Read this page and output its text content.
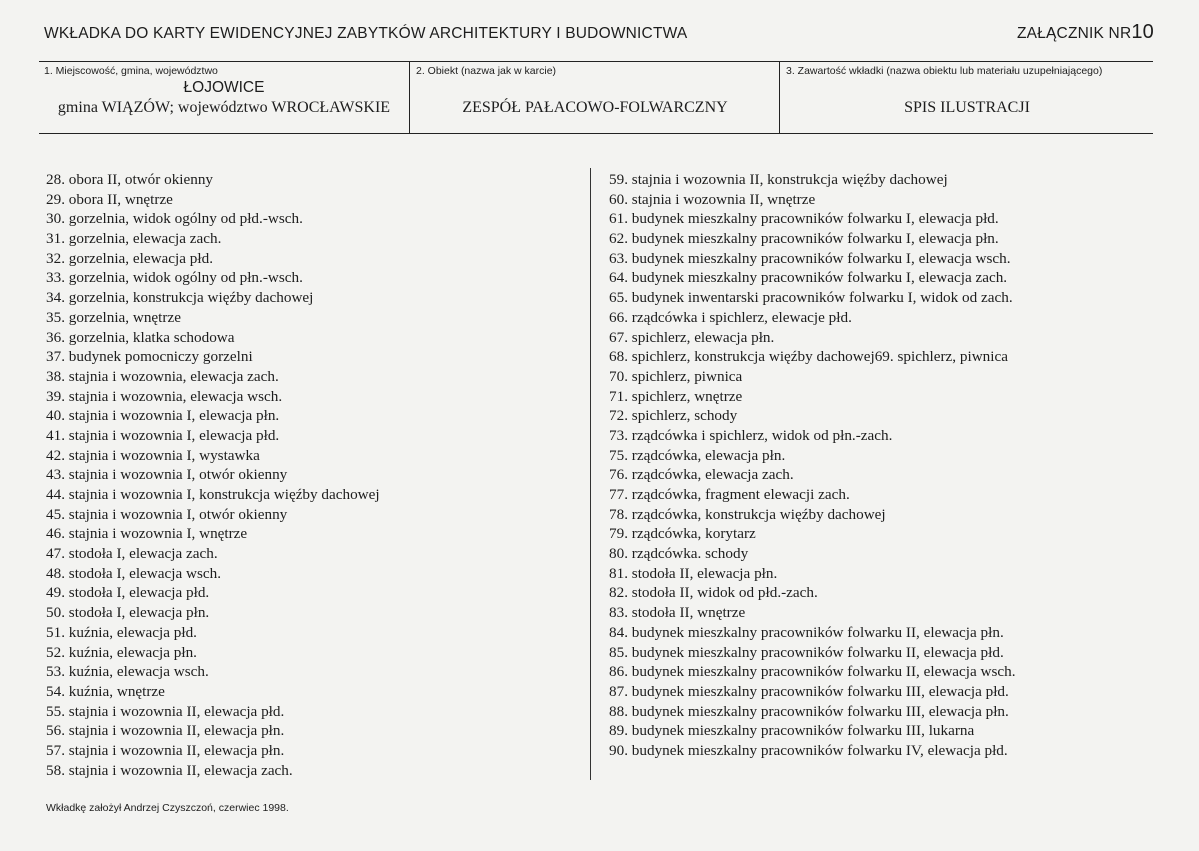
WKŁADKA DO KARTY EWIDENCYJNEJ ZABYTKÓW ARCHITEKTURY I BUDOWNICTWA	ZAŁĄCZNIK NR10
1. Miejscowość, gmina, województwo
ŁOJOWICE
gmina WIĄZÓW; województwo WROCŁAWSKIE
2. Obiekt (nazwa jak w karcie)
ZESPÓŁ PAŁACOWO-FOLWARCZNY
3. Zawartość wkładki (nazwa obiektu lub materiału uzupełniającego)
SPIS ILUSTRACJI
28. obora II, otwór okienny
29. obora II, wnętrze
30. gorzelnia, widok ogólny od płd.-wsch.
31. gorzelnia, elewacja zach.
32. gorzelnia, elewacja płd.
33. gorzelnia, widok ogólny od płn.-wsch.
34. gorzelnia, konstrukcja więźby dachowej
35. gorzelnia, wnętrze
36. gorzelnia, klatka schodowa
37. budynek pomocniczy gorzelni
38. stajnia i wozownia, elewacja zach.
39. stajnia i wozownia, elewacja wsch.
40. stajnia i wozownia I, elewacja płn.
41. stajnia i wozownia I, elewacja płd.
42. stajnia i wozownia I, wystawka
43. stajnia i wozownia I, otwór okienny
44. stajnia i wozownia I, konstrukcja więźby dachowej
45. stajnia i wozownia I, otwór okienny
46. stajnia i wozownia I, wnętrze
47. stodoła I, elewacja zach.
48. stodoła I, elewacja wsch.
49. stodoła I, elewacja płd.
50. stodoła I, elewacja płn.
51. kuźnia, elewacja płd.
52. kuźnia, elewacja płn.
53. kuźnia, elewacja wsch.
54. kuźnia, wnętrze
55. stajnia i wozownia II, elewacja płd.
56. stajnia i wozownia II, elewacja płn.
57. stajnia i wozownia II, elewacja płn.
58. stajnia i wozownia II, elewacja zach.
59. stajnia i wozownia II, konstrukcja więźby dachowej
60. stajnia i wozownia II, wnętrze
61. budynek mieszkalny pracowników folwarku I, elewacja płd.
62. budynek mieszkalny pracowników folwarku I, elewacja płn.
63. budynek mieszkalny pracowników folwarku I, elewacja wsch.
64. budynek mieszkalny pracowników folwarku I, elewacja zach.
65. budynek inwentarski pracowników folwarku I, widok od zach.
66. rządcówka i spichlerz, elewacje płd.
67. spichlerz, elewacja płn.
68. spichlerz, konstrukcja więźby dachowej69. spichlerz, piwnica
70. spichlerz, piwnica
71. spichlerz, wnętrze
72. spichlerz, schody
73. rządcówka i spichlerz, widok od płn.-zach.
75. rządcówka, elewacja płn.
76. rządcówka, elewacja zach.
77. rządcówka, fragment elewacji zach.
78. rządcówka, konstrukcja więźby dachowej
79. rządcówka, korytarz
80. rządcówka. schody
81. stodoła II, elewacja płn.
82. stodoła II, widok od płd.-zach.
83. stodoła II, wnętrze
84. budynek mieszkalny pracowników folwarku II, elewacja płn.
85. budynek mieszkalny pracowników folwarku II, elewacja płd.
86. budynek mieszkalny pracowników folwarku II, elewacja wsch.
87. budynek mieszkalny pracowników folwarku III, elewacja płd.
88. budynek mieszkalny pracowników folwarku III, elewacja płn.
89. budynek mieszkalny pracowników folwarku III, lukarna
90. budynek mieszkalny pracowników folwarku IV, elewacja płd.
Wkładkę założył Andrzej Czyszczoń, czerwiec 1998.
